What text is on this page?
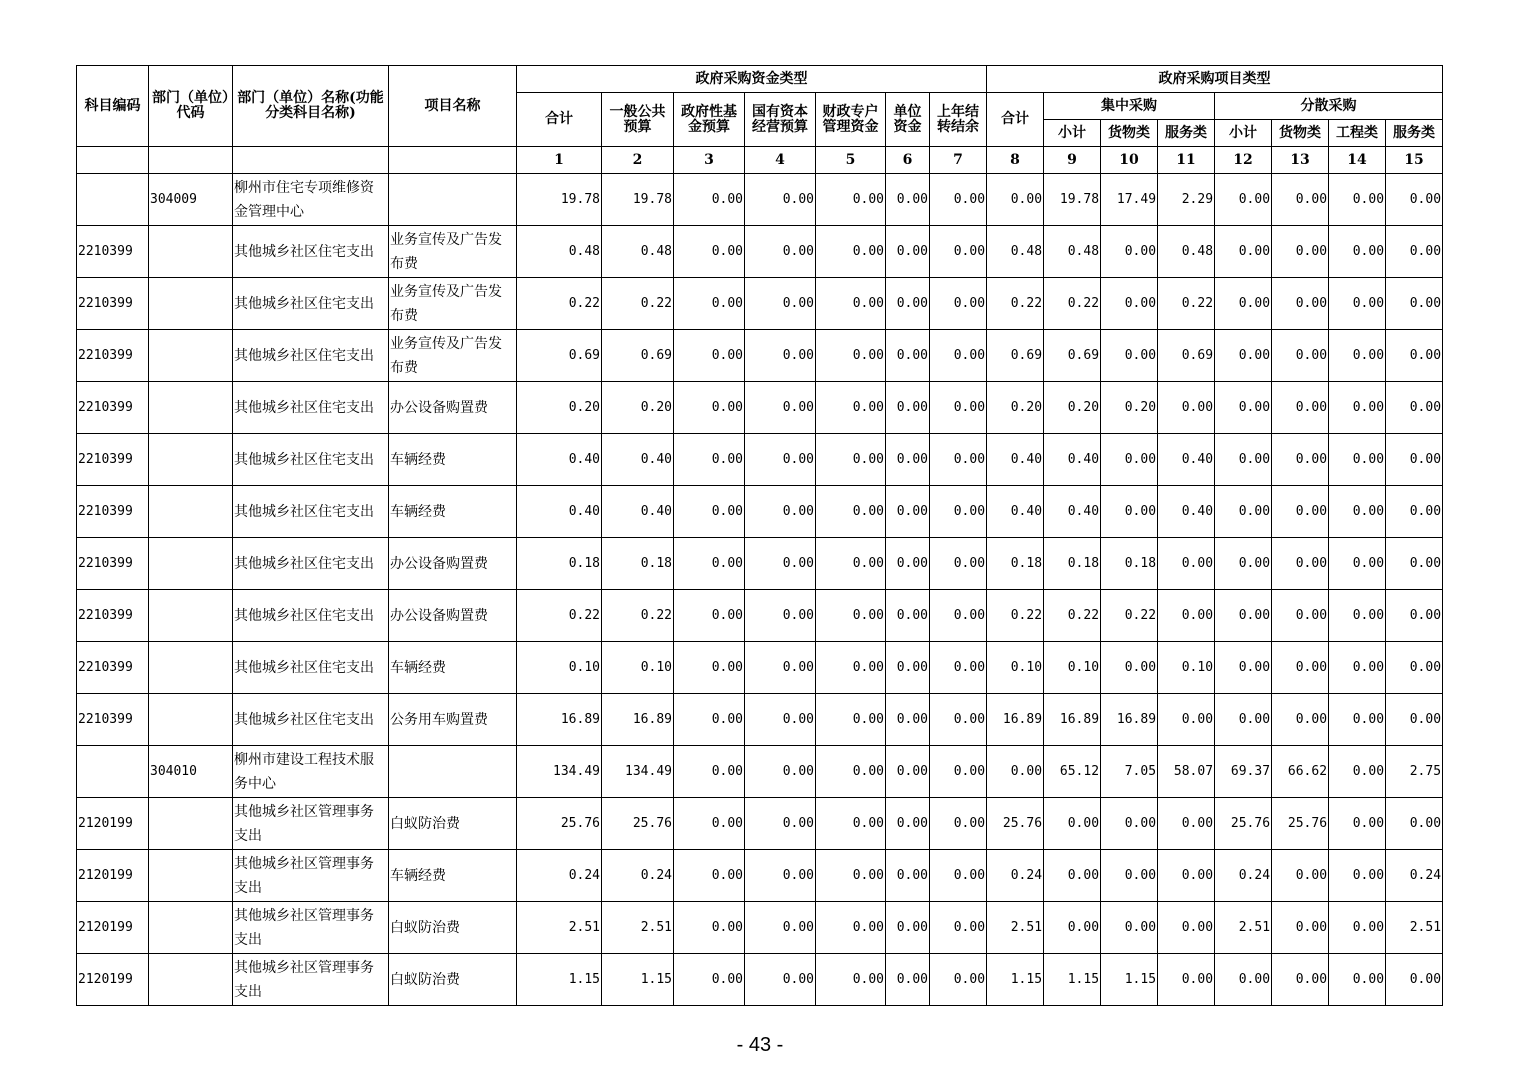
科目编码	部门（单位）代码	部门（单位）名称(功能分类科目名称)	项目名称	政府采购资金类型							政府采购项目类型							
				合计	一般公共预算	政府性基金预算	国有资本经营预算	财政专户管理资金	单位资金	上年结转结余	合计	集中采购			分散采购			
												小计	货物类	服务类	小计	货物类	工程类	服务类
				1	2	3	4	5	6	7	8	9	10	11	12	13	14	15
	304009	柳州市住宅专项维修资金管理中心		19.78	19.78	0.00	0.00	0.00	0.00	0.00	0.00	19.78	17.49	2.29	0.00	0.00	0.00	0.00
2210399		其他城乡社区住宅支出	业务宣传及广告发布费	0.48	0.48	0.00	0.00	0.00	0.00	0.00	0.48	0.48	0.00	0.48	0.00	0.00	0.00	0.00
2210399		其他城乡社区住宅支出	业务宣传及广告发布费	0.22	0.22	0.00	0.00	0.00	0.00	0.00	0.22	0.22	0.00	0.22	0.00	0.00	0.00	0.00
2210399		其他城乡社区住宅支出	业务宣传及广告发布费	0.69	0.69	0.00	0.00	0.00	0.00	0.00	0.69	0.69	0.00	0.69	0.00	0.00	0.00	0.00
2210399		其他城乡社区住宅支出	办公设备购置费	0.20	0.20	0.00	0.00	0.00	0.00	0.00	0.20	0.20	0.20	0.00	0.00	0.00	0.00	0.00
2210399		其他城乡社区住宅支出	车辆经费	0.40	0.40	0.00	0.00	0.00	0.00	0.00	0.40	0.40	0.00	0.40	0.00	0.00	0.00	0.00
2210399		其他城乡社区住宅支出	车辆经费	0.40	0.40	0.00	0.00	0.00	0.00	0.00	0.40	0.40	0.00	0.40	0.00	0.00	0.00	0.00
2210399		其他城乡社区住宅支出	办公设备购置费	0.18	0.18	0.00	0.00	0.00	0.00	0.00	0.18	0.18	0.18	0.00	0.00	0.00	0.00	0.00
2210399		其他城乡社区住宅支出	办公设备购置费	0.22	0.22	0.00	0.00	0.00	0.00	0.00	0.22	0.22	0.22	0.00	0.00	0.00	0.00	0.00
2210399		其他城乡社区住宅支出	车辆经费	0.10	0.10	0.00	0.00	0.00	0.00	0.00	0.10	0.10	0.00	0.10	0.00	0.00	0.00	0.00
2210399		其他城乡社区住宅支出	公务用车购置费	16.89	16.89	0.00	0.00	0.00	0.00	0.00	16.89	16.89	16.89	0.00	0.00	0.00	0.00	0.00
	304010	柳州市建设工程技术服务中心		134.49	134.49	0.00	0.00	0.00	0.00	0.00	0.00	65.12	7.05	58.07	69.37	66.62	0.00	2.75
2120199		其他城乡社区管理事务支出	白蚁防治费	25.76	25.76	0.00	0.00	0.00	0.00	0.00	25.76	0.00	0.00	0.00	25.76	25.76	0.00	0.00
2120199		其他城乡社区管理事务支出	车辆经费	0.24	0.24	0.00	0.00	0.00	0.00	0.00	0.24	0.00	0.00	0.00	0.24	0.00	0.00	0.24
2120199		其他城乡社区管理事务支出	白蚁防治费	2.51	2.51	0.00	0.00	0.00	0.00	0.00	2.51	0.00	0.00	0.00	2.51	0.00	0.00	2.51
2120199		其他城乡社区管理事务支出	白蚁防治费	1.15	1.15	0.00	0.00	0.00	0.00	0.00	1.15	1.15	1.15	0.00	0.00	0.00	0.00	0.00
- 43 -
